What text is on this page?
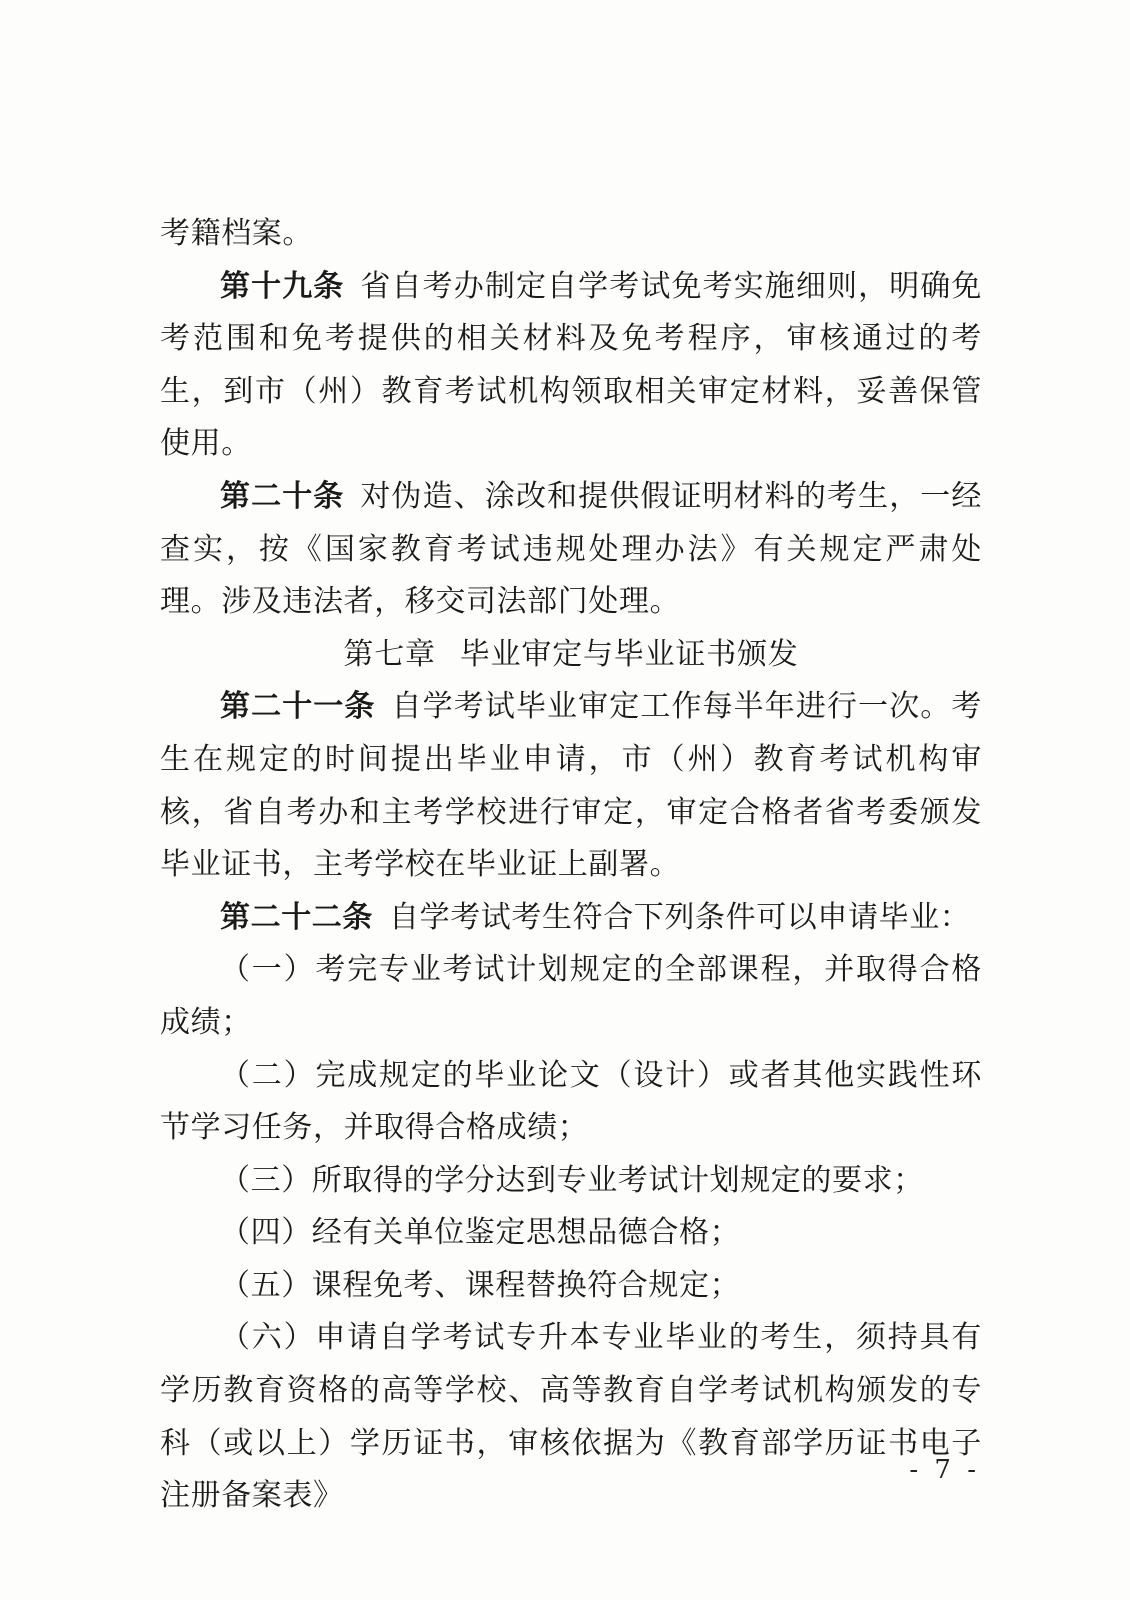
考籍档案。

第十九条 省自考办制定自学考试免考实施细则，明确免考范围和免考提供的相关材料及免考程序，审核通过的考生，到市（州）教育考试机构领取相关审定材料，妥善保管使用。

第二十条 对伪造、涂改和提供假证明材料的考生，一经查实，按《国家教育考试违规处理办法》有关规定严肃处理。涉及违法者，移交司法部门处理。

第七章 毕业审定与毕业证书颁发

第二十一条 自学考试毕业审定工作每半年进行一次。考生在规定的时间提出毕业申请，市（州）教育考试机构审核，省自考办和主考学校进行审定，审定合格者省考委颁发毕业证书，主考学校在毕业证上副署。

第二十二条 自学考试考生符合下列条件可以申请毕业：

（一）考完专业考试计划规定的全部课程，并取得合格成绩；

（二）完成规定的毕业论文（设计）或者其他实践性环节学习任务，并取得合格成绩；

（三）所取得的学分达到专业考试计划规定的要求；

（四）经有关单位鉴定思想品德合格；

（五）课程免考、课程替换符合规定；

（六）申请自学考试专升本专业毕业的考生，须持具有学历教育资格的高等学校、高等教育自学考试机构颁发的专科（或以上）学历证书，审核依据为《教育部学历证书电子注册备案表》

- 7 -
